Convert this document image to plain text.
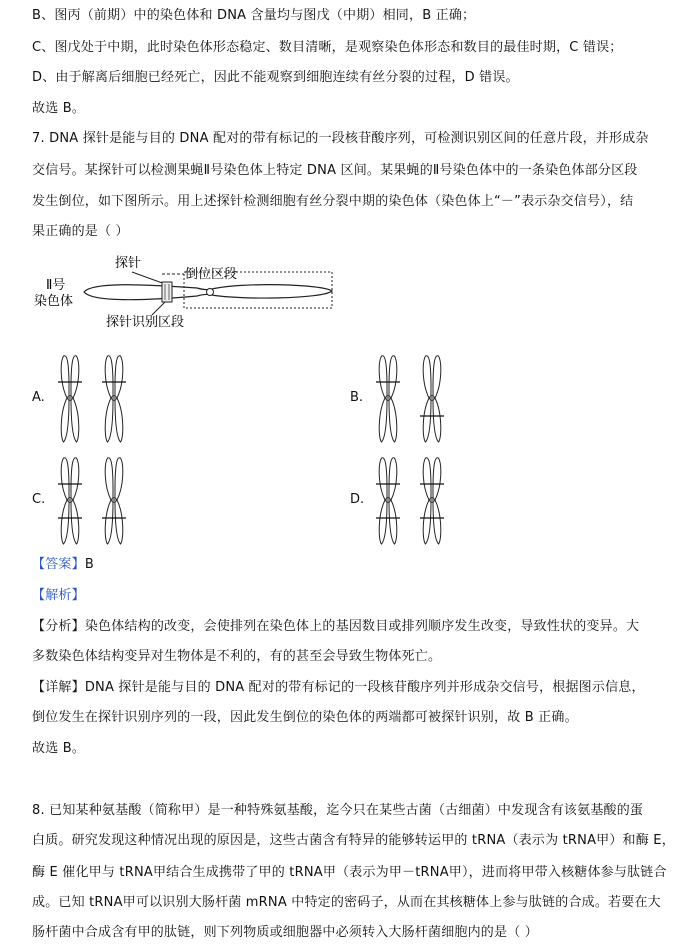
B、图丙（前期）中的染色体和 DNA 含量均与图戊（中期）相同，B 正确；
C、图戊处于中期，此时染色体形态稳定、数目清晰，是观察染色体形态和数目的最佳时期，C 错误；
D、由于解离后细胞已经死亡，因此不能观察到细胞连续有丝分裂的过程，D 错误。
故选 B。
7. DNA 探针是能与目的 DNA 配对的带有标记的一段核苷酸序列，可检测识别区间的任意片段，并形成杂
交信号。某探针可以检测果蝇Ⅱ号染色体上特定 DNA 区间。某果蝇的Ⅱ号染色体中的一条染色体部分区段
发生倒位，如下图所示。用上述探针检测细胞有丝分裂中期的染色体（染色体上“－”表示杂交信号），结
果正确的是（ ）
探针
倒位区段
Ⅱ号
染色体
探针识别区段
A.	B.
C.	D.
【答案】B
【解析】
【分析】染色体结构的改变，会使排列在染色体上的基因数目或排列顺序发生改变，导致性状的变异。大
多数染色体结构变异对生物体是不利的，有的甚至会导致生物体死亡。
【详解】DNA 探针是能与目的 DNA 配对的带有标记的一段核苷酸序列并形成杂交信号，根据图示信息，
倒位发生在探针识别序列的一段，因此发生倒位的染色体的两端都可被探针识别，故 B 正确。
故选 B。
8. 已知某种氨基酸（简称甲）是一种特殊氨基酸，迄今只在某些古菌（古细菌）中发现含有该氨基酸的蛋
白质。研究发现这种情况出现的原因是，这些古菌含有特异的能够转运甲的 tRNA（表示为 tRNA甲）和酶 E，
酶 E 催化甲与 tRNA甲结合生成携带了甲的 tRNA甲（表示为甲－tRNA甲），进而将甲带入核糖体参与肽链合
成。已知 tRNA甲可以识别大肠杆菌 mRNA 中特定的密码子，从而在其核糖体上参与肽链的合成。若要在大
肠杆菌中合成含有甲的肽链，则下列物质或细胞器中必须转入大肠杆菌细胞内的是（ ）
